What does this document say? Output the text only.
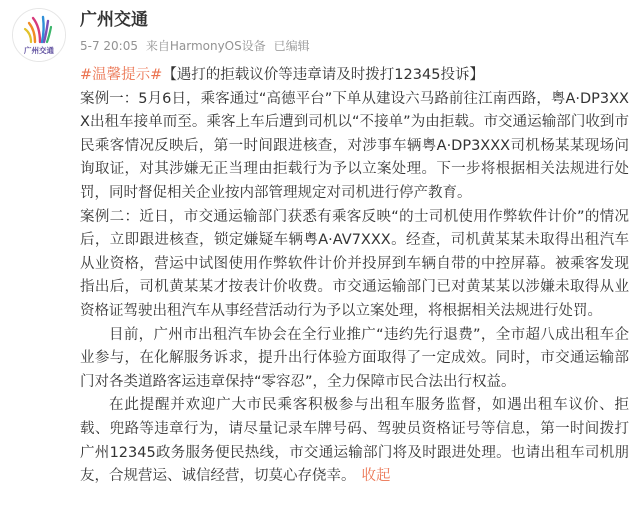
广州交通
广州交通
5-7 20:05 来自HarmonyOS设备 已编辑

#温馨提示#【遇打的拒载议价等违章请及时拨打12345投诉】

案例一：5月6日，乘客通过“高德平台”下单从建设六马路前往江南西路，粤A·DP3XXX出租车接单而至。乘客上车后遭到司机以“不接单”为由拒载。市交通运输部门收到市民乘客情况反映后，第一时间跟进核查，对涉事车辆粤A·DP3XXX司机杨某某现场问询取证，对其涉嫌无正当理由拒载行为予以立案处理。下一步将根据相关法规进行处罚，同时督促相关企业按内部管理规定对司机进行停产教育。

案例二：近日，市交通运输部门获悉有乘客反映“的士司机使用作弊软件计价”的情况后，立即跟进核查，锁定嫌疑车辆粤A·AV7XXX。经查，司机黄某某未取得出租汽车从业资格，营运中试图使用作弊软件计价并投屏到车辆自带的中控屏幕。被乘客发现指出后，司机黄某某才按表计价收费。市交通运输部门已对黄某某以涉嫌未取得从业资格证驾驶出租汽车从事经营活动行为予以立案处理，将根据相关法规进行处罚。

目前，广州市出租汽车协会在全行业推广“违约先行退费”，全市超八成出租车企业参与，在化解服务诉求，提升出行体验方面取得了一定成效。同时，市交通运输部门对各类道路客运违章保持“零容忍”，全力保障市民合法出行权益。

在此提醒并欢迎广大市民乘客积极参与出租车服务监督，如遇出租车议价、拒载、兜路等违章行为，请尽量记录车牌号码、驾驶员资格证号等信息，第一时间拨打广州12345政务服务便民热线，市交通运输部门将及时跟进处理。也请出租车司机朋友，合规营运、诚信经营，切莫心存侥幸。 收起
